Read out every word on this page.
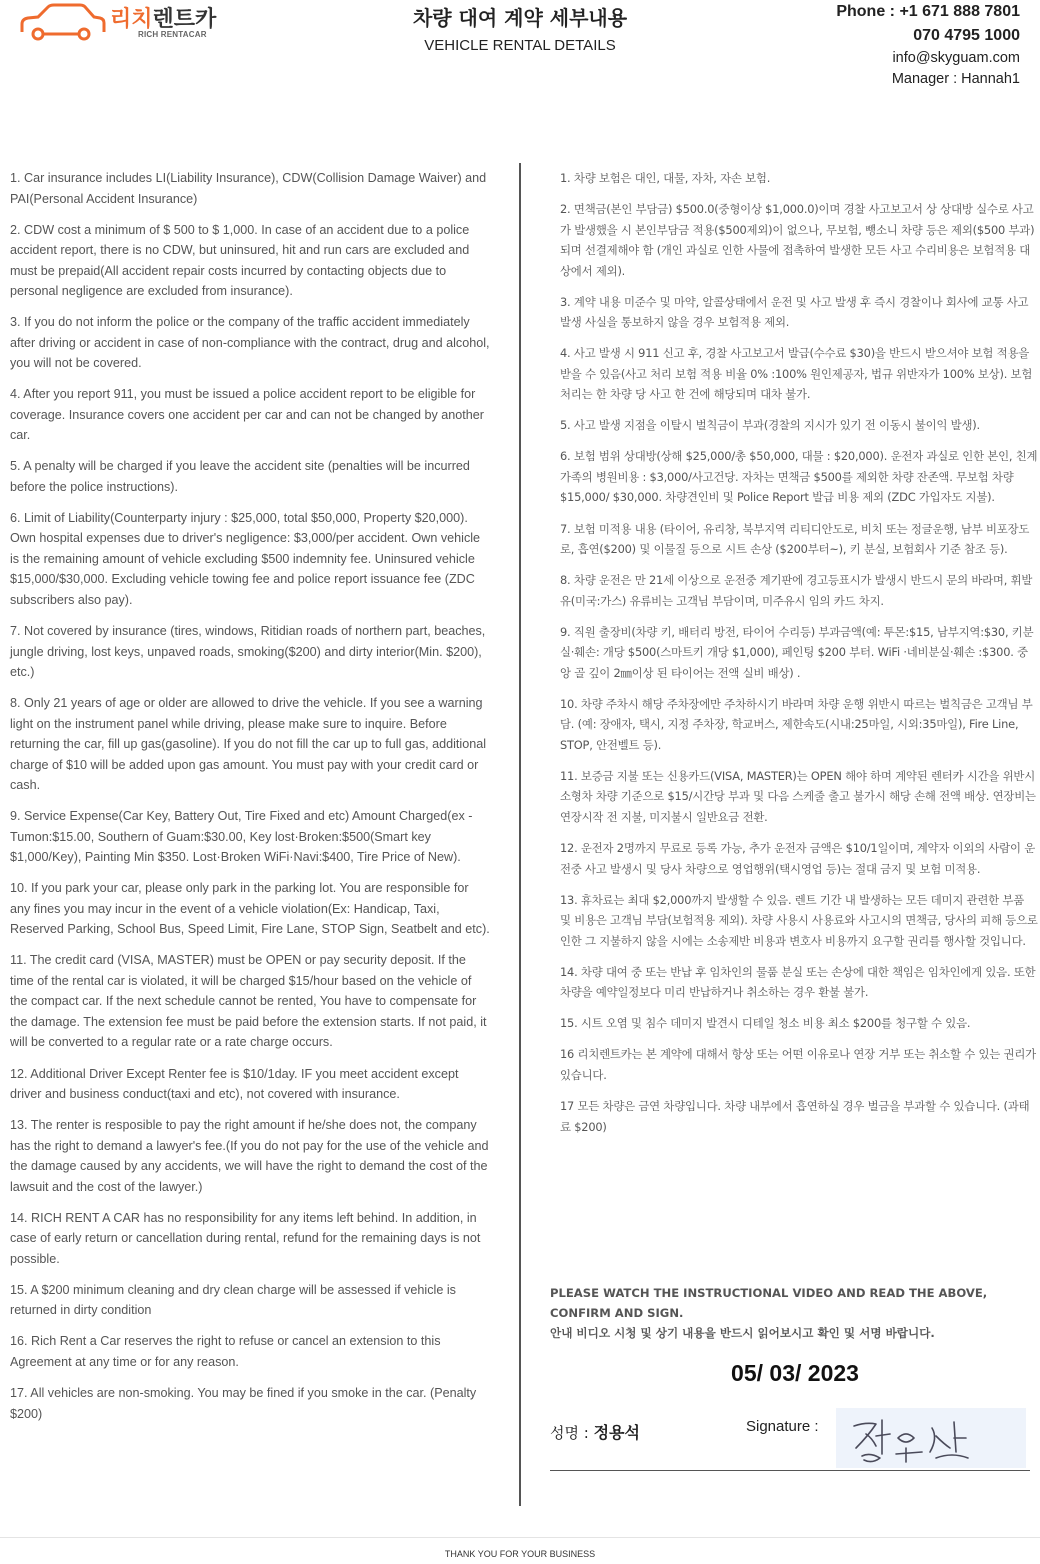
리치렌트카
RICH RENTACAR
차량 대여 계약 세부내용
VEHICLE RENTAL DETAILS
Phone : +1 671 888 7801
070 4795 1000
info@skyguam.com
Manager : Hannah1

1. Car insurance includes LI(Liability Insurance), CDW(Collision Damage Waiver) and PAI(Personal Accident Insurance)

2. CDW cost a minimum of $ 500 to $ 1,000. In case of an accident due to a police accident report, there is no CDW, but uninsured, hit and run cars are excluded and must be prepaid(All accident repair costs incurred by contacting objects due to personal negligence are excluded from insurance).

3. If you do not inform the police or the company of the traffic accident immediately after driving or accident in case of non-compliance with the contract, drug and alcohol, you will not be covered.

4. After you report 911, you must be issued a police accident report to be eligible for coverage. Insurance covers one accident per car and can not be changed by another car.

5. A penalty will be charged if you leave the accident site (penalties will be incurred before the police instructions).

6. Limit of Liability(Counterparty injury : $25,000, total $50,000, Property $20,000). Own hospital expenses due to driver's negligence: $3,000/per accident. Own vehicle is the remaining amount of vehicle excluding $500 indemnity fee. Uninsured vehicle $15,000/$30,000. Excluding vehicle towing fee and police report issuance fee (ZDC subscribers also pay).

7. Not covered by insurance (tires, windows, Ritidian roads of northern part, beaches, jungle driving, lost keys, unpaved roads, smoking($200) and dirty interior(Min. $200), etc.)

8. Only 21 years of age or older are allowed to drive the vehicle. If you see a warning light on the instrument panel while driving, please make sure to inquire. Before returning the car, fill up gas(gasoline). If you do not fill the car up to full gas, additional charge of $10 will be added upon gas amount. You must pay with your credit card or cash.

9. Service Expense(Car Key, Battery Out, Tire Fixed and etc) Amount Charged(ex - Tumon:$15.00, Southern of Guam:$30.00, Key lost·Broken:$500(Smart key $1,000/Key), Painting Min $350. Lost·Broken WiFi·Navi:$400, Tire Price of New).

10. If you park your car, please only park in the parking lot. You are responsible for any fines you may incur in the event of a vehicle violation(Ex: Handicap, Taxi, Reserved Parking, School Bus, Speed Limit, Fire Lane, STOP Sign, Seatbelt and etc).

11. The credit card (VISA, MASTER) must be OPEN or pay security deposit. If the time of the rental car is violated, it will be charged $15/hour based on the vehicle of the compact car. If the next schedule cannot be rented, You have to compensate for the damage. The extension fee must be paid before the extension starts. If not paid, it will be converted to a regular rate or a rate charge occurs.

12. Additional Driver Except Renter fee is $10/1day. IF you meet accident except driver and business conduct(taxi and etc), not covered with insurance.

13. The renter is resposible to pay the right amount if he/she does not, the company has the right to demand a lawyer's fee.(If you do not pay for the use of the vehicle and the damage caused by any accidents, we will have the right to demand the cost of the lawsuit and the cost of the lawyer.)

14. RICH RENT A CAR has no responsibility for any items left behind. In addition, in case of early return or cancellation during rental, refund for the remaining days is not possible.

15. A $200 minimum cleaning and dry clean charge will be assessed if vehicle is returned in dirty condition

16. Rich Rent a Car reserves the right to refuse or cancel an extension to this Agreement at any time or for any reason.

17. All vehicles are non-smoking. You may be fined if you smoke in the car. (Penalty $200)

1. 차량 보험은 대인, 대물, 자차, 자손 보험.

2. 면책금(본인 부담금) $500.0(중형이상 $1,000.0)이며 경찰 사고보고서 상 상대방 실수로 사고가 발생했을 시 본인부담금 적용($500제외)이 없으나, 무보험, 뺑소니 차량 등은 제외($500 부과)되며 선결제해야 함 (개인 과실로 인한 사물에 접촉하여 발생한 모든 사고 수리비용은 보험적용 대상에서 제외).

3. 계약 내용 미준수 및 마약, 알콜상태에서 운전 및 사고 발생 후 즉시 경찰이나 회사에 교통 사고 발생 사실을 통보하지 않을 경우 보험적용 제외.

4. 사고 발생 시 911 신고 후, 경찰 사고보고서 발급(수수료 $30)을 반드시 받으셔야 보험 적용을 받을 수 있음(사고 처리 보험 적용 비율 0% :100% 원인제공자, 법규 위반자가 100% 보상). 보험처리는 한 차량 당 사고 한 건에 해당되며 대차 불가.

5. 사고 발생 지점을 이탈시 벌칙금이 부과(경찰의 지시가 있기 전 이동시 불이익 발생).

6. 보험 범위 상대방(상해 $25,000/총 $50,000, 대물 : $20,000). 운전자 과실로 인한 본인, 친계 가족의 병원비용 : $3,000/사고건당. 자차는 면책금 $500를 제외한 차량 잔존액. 무보험 차량 $15,000/ $30,000. 차량견인비 및 Police Report 발급 비용 제외 (ZDC 가입자도 지불).

7. 보험 미적용 내용 (타이어, 유리창, 북부지역 리티디안도로, 비치 또는 정글운행, 남부 비포장도로, 흡연($200) 및 이물질 등으로 시트 손상 ($200부터~), 키 분실, 보험회사 기준 참조 등).

8. 차량 운전은 만 21세 이상으로 운전중 계기판에 경고등표시가 발생시 반드시 문의 바라며, 휘발유(미국:가스) 유류비는 고객님 부담이며, 미주유시 임의 카드 차지.

9. 직원 출장비(차량 키, 배터리 방전, 타이어 수리등) 부과금액(예: 투몬:$15, 남부지역:$30, 키분실·훼손: 개당 $500(스마트키 개당 $1,000), 페인팅 $200 부터. WiFi ·네비분실·훼손 :$300. 중앙 골 깊이 2㎜이상 된 타이어는 전액 실비 배상) .

10. 차량 주차시 해당 주차장에만 주차하시기 바라며 차량 운행 위반시 따르는 벌칙금은 고객님 부담. (예: 장애자, 택시, 지정 주차장, 학교버스, 제한속도(시내:25마일, 시외:35마일), Fire Line, STOP, 안전벨트 등).

11. 보증금 지불 또는 신용카드(VISA, MASTER)는 OPEN 해야 하며 계약된 렌터카 시간을 위반시 소형차 차량 기준으로 $15/시간당 부과 및 다음 스케줄 출고 불가시 해당 손해 전액 배상. 연장비는 연장시작 전 지불, 미지불시 일반요금 전환.

12. 운전자 2명까지 무료로 등록 가능, 추가 운전자 금액은 $10/1일이며, 계약자 이외의 사람이 운전중 사고 발생시 및 당사 차량으로 영업행위(택시영업 등)는 절대 금지 및 보험 미적용.

13. 휴차료는 최대 $2,000까지 발생할 수 있음. 렌트 기간 내 발생하는 모든 데미지 관련한 부품 및 비용은 고객님 부담(보험적용 제외). 차량 사용시 사용료와 사고시의 면책금, 당사의 피해 등으로 인한 그 지불하지 않을 시에는 소송제반 비용과 변호사 비용까지 요구할 권리를 행사할 것입니다.

14. 차량 대여 중 또는 반납 후 임차인의 물품 분실 또는 손상에 대한 책임은 임차인에게 있음. 또한 차량을 예약일정보다 미리 반납하거나 취소하는 경우 환불 불가.

15. 시트 오염 및 침수 데미지 발견시 디테일 청소 비용 최소 $200를 청구할 수 있음.

16 리치렌트카는 본 계약에 대해서 항상 또는 어떤 이유로나 연장 거부 또는 취소할 수 있는 권리가 있습니다.

17 모든 차량은 금연 차량입니다. 차량 내부에서 흡연하실 경우 벌금을 부과할 수 있습니다. (과태료 $200)

PLEASE WATCH THE INSTRUCTIONAL VIDEO AND READ THE ABOVE, CONFIRM AND SIGN.
안내 비디오 시청 및 상기 내용을 반드시 읽어보시고 확인 및 서명 바랍니다.
05/ 03/ 2023
성명 : 정용석	Signature :
THANK YOU FOR YOUR BUSINESS
